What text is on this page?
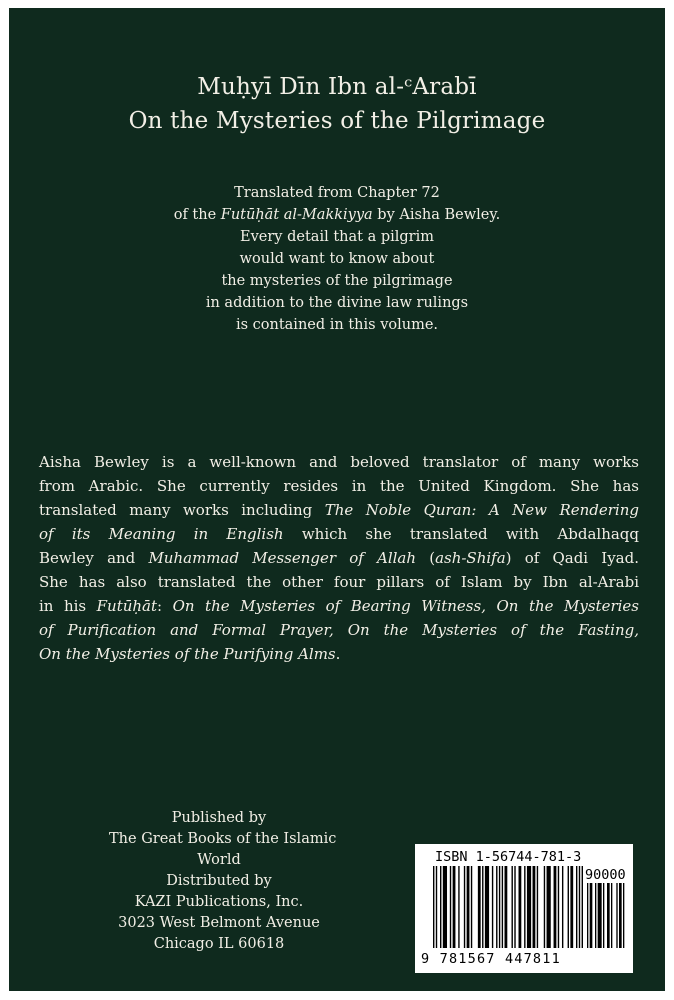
Muḥyī Dīn Ibn al-ᶜArabī
On the Mysteries of the Pilgrimage
Translated from Chapter 72
of the Futūḥāt al-Makkiyya by Aisha Bewley.
Every detail that a pilgrim
would want to know about
the mysteries of the pilgrimage
in addition to the divine law rulings
is contained in this volume.
Aisha Bewley is a well-known and beloved translator of many works
from Arabic. She currently resides in the United Kingdom. She has
translated many works including The Noble Quran: A New Rendering
of its Meaning in English which she translated with Abdalhaqq
Bewley and Muhammad Messenger of Allah (ash-Shifa) of Qadi Iyad.
She has also translated the other four pillars of Islam by Ibn al-Arabi
in his Futūḥāt: On the Mysteries of Bearing Witness, On the Mysteries
of Purification and Formal Prayer, On the Mysteries of the Fasting,
On the Mysteries of the Purifying Alms.
Published by
The Great Books of the Islamic
World
Distributed by
KAZI Publications, Inc.
3023 West Belmont Avenue
Chicago IL 60618
ISBN 1-56744-781-3
90000
9 781567 447811
